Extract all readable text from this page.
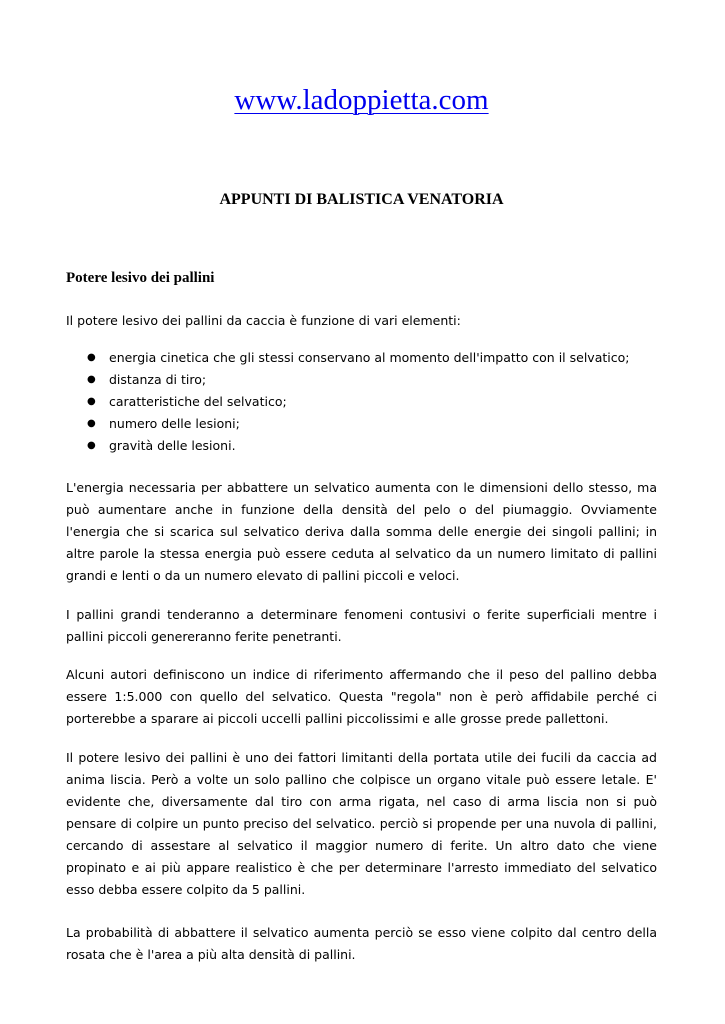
www.ladoppietta.com
APPUNTI DI BALISTICA VENATORIA
Potere lesivo dei pallini

Il potere lesivo dei pallini da caccia è funzione di vari elementi:

● energia cinetica che gli stessi conservano al momento dell'impatto con il selvatico;
● distanza di tiro;
● caratteristiche del selvatico;
● numero delle lesioni;
● gravità delle lesioni.

L'energia necessaria per abbattere un selvatico aumenta con le dimensioni dello stesso, ma può aumentare anche in funzione della densità del pelo o del piumaggio. Ovviamente l'energia che si scarica sul selvatico deriva dalla somma delle energie dei singoli pallini; in altre parole la stessa energia può essere ceduta al selvatico da un numero limitato di pallini grandi e lenti o da un numero elevato di pallini piccoli e veloci.

I pallini grandi tenderanno a determinare fenomeni contusivi o ferite superficiali mentre i pallini piccoli genereranno ferite penetranti.

Alcuni autori definiscono un indice di riferimento affermando che il peso del pallino debba essere 1:5.000 con quello del selvatico. Questa "regola" non è però affidabile perché ci porterebbe a sparare ai piccoli uccelli pallini piccolissimi e alle grosse prede pallettoni.

Il potere lesivo dei pallini è uno dei fattori limitanti della portata utile dei fucili da caccia ad anima liscia. Però a volte un solo pallino che colpisce un organo vitale può essere letale. E' evidente che, diversamente dal tiro con arma rigata, nel caso di arma liscia non si può pensare di colpire un punto preciso del selvatico. perciò si propende per una nuvola di pallini, cercando di assestare al selvatico il maggior numero di ferite. Un altro dato che viene propinato e ai più appare realistico è che per determinare l'arresto immediato del selvatico esso debba essere colpito da 5 pallini.

La probabilità di abbattere il selvatico aumenta perciò se esso viene colpito dal centro della rosata che è l'area a più alta densità di pallini.
